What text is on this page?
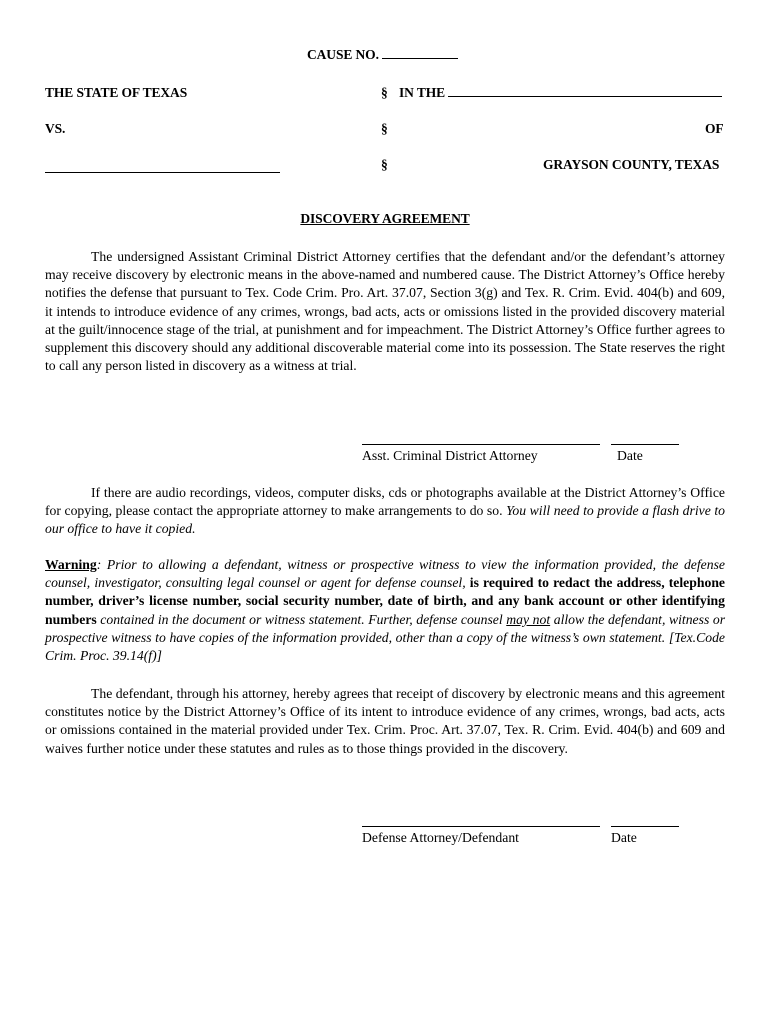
CAUSE NO.
THE STATE OF TEXAS	§ IN THE
VS.	§	OF
§	GRAYSON COUNTY, TEXAS
DISCOVERY AGREEMENT
The undersigned Assistant Criminal District Attorney certifies that the defendant and/or the defendant’s attorney may receive discovery by electronic means in the above-named and numbered cause. The District Attorney’s Office hereby notifies the defense that pursuant to Tex. Code Crim. Pro. Art. 37.07, Section 3(g) and Tex. R. Crim. Evid. 404(b) and 609, it intends to introduce evidence of any crimes, wrongs, bad acts, acts or omissions listed in the provided discovery material at the guilt/innocence stage of the trial, at punishment and for impeachment. The District Attorney’s Office further agrees to supplement this discovery should any additional discoverable material come into its possession. The State reserves the right to call any person listed in discovery as a witness at trial.
Asst. Criminal District Attorney	Date
If there are audio recordings, videos, computer disks, cds or photographs available at the District Attorney’s Office for copying, please contact the appropriate attorney to make arrangements to do so. You will need to provide a flash drive to our office to have it copied.
Warning: Prior to allowing a defendant, witness or prospective witness to view the information provided, the defense counsel, investigator, consulting legal counsel or agent for defense counsel, is required to redact the address, telephone number, driver’s license number, social security number, date of birth, and any bank account or other identifying numbers contained in the document or witness statement. Further, defense counsel may not allow the defendant, witness or prospective witness to have copies of the information provided, other than a copy of the witness’s own statement. [Tex.Code Crim. Proc. 39.14(f)]
The defendant, through his attorney, hereby agrees that receipt of discovery by electronic means and this agreement constitutes notice by the District Attorney’s Office of its intent to introduce evidence of any crimes, wrongs, bad acts, acts or omissions contained in the material provided under Tex. Crim. Proc. Art. 37.07, Tex. R. Crim. Evid. 404(b) and 609 and waives further notice under these statutes and rules as to those things provided in the discovery.
Defense Attorney/Defendant	Date
